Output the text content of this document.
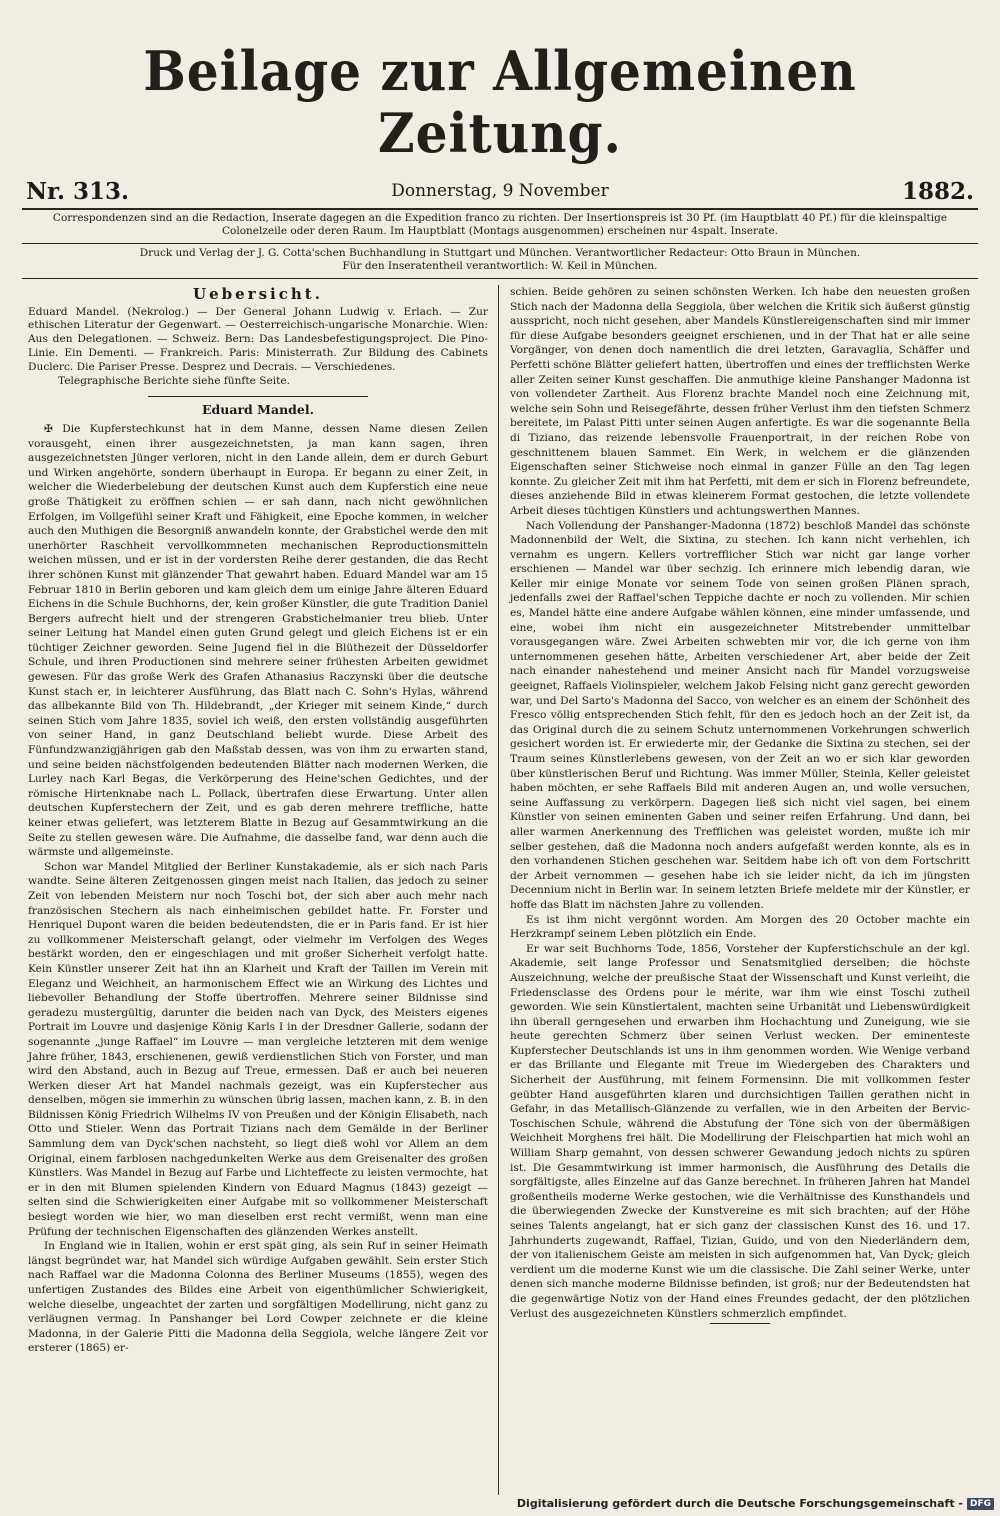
Beilage zur Allgemeinen Zeitung.
Nr. 313.	Donnerstag, 9 November	1882.
Correspondenzen sind an die Redaction, Inserate dagegen an die Expedition franco zu richten. Der Insertionspreis ist 30 Pf. (im Hauptblatt 40 Pf.) für die kleinspaltige Colonelzeile oder deren Raum. Im Hauptblatt (Montags ausgenommen) erscheinen nur 4spalt. Inserate.
Druck und Verlag der J. G. Cotta'schen Buchhandlung in Stuttgart und München. Verantwortlicher Redacteur: Otto Braun in München.
Für den Inseratentheil verantwortlich: W. Keil in München.
Uebersicht.
Eduard Mandel. (Nekrolog.) — Der General Johann Ludwig v. Erlach. — Zur ethischen Literatur der Gegenwart. — Oesterreichisch-ungarische Monarchie. Wien: Aus den Delegationen. — Schweiz. Bern: Das Landesbefestigungsproject. Die Pino-Linie. Ein Dementi. — Frankreich. Paris: Ministerrath. Zur Bildung des Cabinets Duclerc. Die Pariser Presse. Desprez und Decrais. — Verschiedenes.
Telegraphische Berichte siehe fünfte Seite.
Eduard Mandel.

✠ Die Kupferstechkunst hat in dem Manne, dessen Name diesen Zeilen vorausgeht, einen ihrer ausgezeichnetsten, ja man kann sagen, ihren ausgezeichnetsten Jünger verloren, nicht in den Lande allein, dem er durch Geburt und Wirken angehörte, sondern überhaupt in Europa. Er begann zu einer Zeit, in welcher die Wiederbelebung der deutschen Kunst auch dem Kupferstich eine neue große Thätigkeit zu eröffnen schien — er sah dann, nach nicht gewöhnlichen Erfolgen, im Vollgefühl seiner Kraft und Fähigkeit, eine Epoche kommen, in welcher auch den Muthigen die Besorgniß anwandeln konnte, der Grabstichel werde den mit unerhörter Raschheit vervollkommneten mechanischen Reproductionsmitteln weichen müssen, und er ist in der vordersten Reihe derer gestanden, die das Recht ihrer schönen Kunst mit glänzender That gewahrt haben. Eduard Mandel war am 15 Februar 1810 in Berlin geboren und kam gleich dem um einige Jahre älteren Eduard Eichens in die Schule Buchhorns, der, kein großer Künstler, die gute Tradition Daniel Bergers aufrecht hielt und der strengeren Grabstichelmanier treu blieb. Unter seiner Leitung hat Mandel einen guten Grund gelegt und gleich Eichens ist er ein tüchtiger Zeichner geworden. Seine Jugend fiel in die Blüthezeit der Düsseldorfer Schule, und ihren Productionen sind mehrere seiner frühesten Arbeiten gewidmet gewesen. Für das große Werk des Grafen Athanasius Raczynski über die deutsche Kunst stach er, in leichterer Ausführung, das Blatt nach C. Sohn's Hylas, während das allbekannte Bild von Th. Hildebrandt, „der Krieger mit seinem Kinde,“ durch seinen Stich vom Jahre 1835, soviel ich weiß, den ersten vollständig ausgeführten von seiner Hand, in ganz Deutschland beliebt wurde. Diese Arbeit des Fünfundzwanzigjährigen gab den Maßstab dessen, was von ihm zu erwarten stand, und seine beiden nächstfolgenden bedeutenden Blätter nach modernen Werken, die Lurley nach Karl Begas, die Verkörperung des Heine'schen Gedichtes, und der römische Hirtenknabe nach L. Pollack, übertrafen diese Erwartung. Unter allen deutschen Kupferstechern der Zeit, und es gab deren mehrere treffliche, hatte keiner etwas geliefert, was letzterem Blatte in Bezug auf Gesammtwirkung an die Seite zu stellen gewesen wäre. Die Aufnahme, die dasselbe fand, war denn auch die wärmste und allgemeinste.

Schon war Mandel Mitglied der Berliner Kunstakademie, als er sich nach Paris wandte. Seine älteren Zeitgenossen gingen meist nach Italien, das jedoch zu seiner Zeit von lebenden Meistern nur noch Toschi bot, der sich aber auch mehr nach französischen Stechern als nach einheimischen gebildet hatte. Fr. Forster und Henriquel Dupont waren die beiden bedeutendsten, die er in Paris fand. Er ist hier zu vollkommener Meisterschaft gelangt, oder vielmehr im Verfolgen des Weges bestärkt worden, den er eingeschlagen und mit großer Sicherheit verfolgt hatte. Kein Künstler unserer Zeit hat ihn an Klarheit und Kraft der Taillen im Verein mit Eleganz und Weichheit, an harmonischem Effect wie an Wirkung des Lichtes und liebevoller Behandlung der Stoffe übertroffen. Mehrere seiner Bildnisse sind geradezu mustergültig, darunter die beiden nach van Dyck, des Meisters eigenes Portrait im Louvre und dasjenige König Karls I in der Dresdner Gallerie, sodann der sogenannte „junge Raffael“ im Louvre — man vergleiche letzteren mit dem wenige Jahre früher, 1843, erschienenen, gewiß verdienstlichen Stich von Forster, und man wird den Abstand, auch in Bezug auf Treue, ermessen. Daß er auch bei neueren Werken dieser Art hat Mandel nachmals gezeigt, was ein Kupferstecher aus denselben, mögen sie immerhin zu wünschen übrig lassen, machen kann, z. B. in den Bildnissen König Friedrich Wilhelms IV von Preußen und der Königin Elisabeth, nach Otto und Stieler. Wenn das Portrait Tizians nach dem Gemälde in der Berliner Sammlung dem van Dyck'schen nachsteht, so liegt dieß wohl vor Allem an dem Original, einem farblosen nachgedunkelten Werke aus dem Greisenalter des großen Künstlers. Was Mandel in Bezug auf Farbe und Lichteffecte zu leisten vermochte, hat er in den mit Blumen spielenden Kindern von Eduard Magnus (1843) gezeigt — selten sind die Schwierigkeiten einer Aufgabe mit so vollkommener Meisterschaft besiegt worden wie hier, wo man dieselben erst recht vermißt, wenn man eine Prüfung der technischen Eigenschaften des glänzenden Werkes anstellt.

In England wie in Italien, wohin er erst spät ging, als sein Ruf in seiner Heimath längst begründet war, hat Mandel sich würdige Aufgaben gewählt. Sein erster Stich nach Raffael war die Madonna Colonna des Berliner Museums (1855), wegen des unfertigen Zustandes des Bildes eine Arbeit von eigenthümlicher Schwierigkeit, welche dieselbe, ungeachtet der zarten und sorgfältigen Modellirung, nicht ganz zu verläugnen vermag. In Panshanger bei Lord Cowper zeichnete er die kleine Madonna, in der Galerie Pitti die Madonna della Seggiola, welche längere Zeit vor ersterer (1865) er-

schien. Beide gehören zu seinen schönsten Werken. Ich habe den neuesten großen Stich nach der Madonna della Seggiola, über welchen die Kritik sich äußerst günstig ausspricht, noch nicht gesehen, aber Mandels Künstlereigenschaften sind mir immer für diese Aufgabe besonders geeignet erschienen, und in der That hat er alle seine Vorgänger, von denen doch namentlich die drei letzten, Garavaglia, Schäffer und Perfetti schöne Blätter geliefert hatten, übertroffen und eines der trefflichsten Werke aller Zeiten seiner Kunst geschaffen. Die anmuthige kleine Panshanger Madonna ist von vollendeter Zartheit. Aus Florenz brachte Mandel noch eine Zeichnung mit, welche sein Sohn und Reisegefährte, dessen früher Verlust ihm den tiefsten Schmerz bereitete, im Palast Pitti unter seinen Augen anfertigte. Es war die sogenannte Bella di Tiziano, das reizende lebensvolle Frauenportrait, in der reichen Robe von geschnittenem blauen Sammet. Ein Werk, in welchem er die glänzenden Eigenschaften seiner Stichweise noch einmal in ganzer Fülle an den Tag legen konnte. Zu gleicher Zeit mit ihm hat Perfetti, mit dem er sich in Florenz befreundete, dieses anziehende Bild in etwas kleinerem Format gestochen, die letzte vollendete Arbeit dieses tüchtigen Künstlers und achtungswerthen Mannes.

Nach Vollendung der Panshanger-Madonna (1872) beschloß Mandel das schönste Madonnenbild der Welt, die Sixtina, zu stechen. Ich kann nicht verhehlen, ich vernahm es ungern. Kellers vortrefflicher Stich war nicht gar lange vorher erschienen — Mandel war über sechzig. Ich erinnere mich lebendig daran, wie Keller mir einige Monate vor seinem Tode von seinen großen Plänen sprach, jedenfalls zwei der Raffael'schen Teppiche dachte er noch zu vollenden. Mir schien es, Mandel hätte eine andere Aufgabe wählen können, eine minder umfassende, und eine, wobei ihm nicht ein ausgezeichneter Mitstrebender unmittelbar vorausgegangen wäre. Zwei Arbeiten schwebten mir vor, die ich gerne von ihm unternommenen gesehen hätte, Arbeiten verschiedener Art, aber beide der Zeit nach einander nahestehend und meiner Ansicht nach für Mandel vorzugsweise geeignet, Raffaels Violinspieler, welchem Jakob Felsing nicht ganz gerecht geworden war, und Del Sarto's Madonna del Sacco, von welcher es an einem der Schönheit des Fresco völlig entsprechenden Stich fehlt, für den es jedoch hoch an der Zeit ist, da das Original durch die zu seinem Schutz unternommenen Vorkehrungen schwerlich gesichert worden ist. Er erwiederte mir, der Gedanke die Sixtina zu stechen, sei der Traum seines Künstlerlebens gewesen, von der Zeit an wo er sich klar geworden über künstlerischen Beruf und Richtung. Was immer Müller, Steinla, Keller geleistet haben möchten, er sehe Raffaels Bild mit anderen Augen an, und wolle versuchen, seine Auffassung zu verkörpern. Dagegen ließ sich nicht viel sagen, bei einem Künstler von seinen eminenten Gaben und seiner reifen Erfahrung. Und dann, bei aller warmen Anerkennung des Trefflichen was geleistet worden, mußte ich mir selber gestehen, daß die Madonna noch anders aufgefaßt werden konnte, als es in den vorhandenen Stichen geschehen war. Seitdem habe ich oft von dem Fortschritt der Arbeit vernommen — gesehen habe ich sie leider nicht, da ich im jüngsten Decennium nicht in Berlin war. In seinem letzten Briefe meldete mir der Künstler, er hoffe das Blatt im nächsten Jahre zu vollenden.

Es ist ihm nicht vergönnt worden. Am Morgen des 20 October machte ein Herzkrampf seinem Leben plötzlich ein Ende.

Er war seit Buchhorns Tode, 1856, Vorsteher der Kupferstichschule an der kgl. Akademie, seit lange Professor und Senatsmitglied derselben; die höchste Auszeichnung, welche der preußische Staat der Wissenschaft und Kunst verleiht, die Friedensclasse des Ordens pour le mérite, war ihm wie einst Toschi zutheil geworden. Wie sein Künstlertalent, machten seine Urbanität und Liebenswürdigkeit ihn überall gerngesehen und erwarben ihm Hochachtung und Zuneigung, wie sie heute gerechten Schmerz über seinen Verlust wecken. Der eminenteste Kupferstecher Deutschlands ist uns in ihm genommen worden. Wie Wenige verband er das Brillante und Elegante mit Treue im Wiedergeben des Charakters und Sicherheit der Ausführung, mit feinem Formensinn. Die mit vollkommen fester geübter Hand ausgeführten klaren und durchsichtigen Taillen gerathen nicht in Gefahr, in das Metallisch-Glänzende zu verfallen, wie in den Arbeiten der Bervic-Toschischen Schule, während die Abstufung der Töne sich von der übermäßigen Weichheit Morghens frei hält. Die Modellirung der Fleischpartien hat mich wohl an William Sharp gemahnt, von dessen schwerer Gewandung jedoch nichts zu spüren ist. Die Gesammtwirkung ist immer harmonisch, die Ausführung des Details die sorgfältigste, alles Einzelne auf das Ganze berechnet. In früheren Jahren hat Mandel großentheils moderne Werke gestochen, wie die Verhältnisse des Kunsthandels und die überwiegenden Zwecke der Kunstvereine es mit sich brachten; auf der Höhe seines Talents angelangt, hat er sich ganz der classischen Kunst des 16. und 17. Jahrhunderts zugewandt, Raffael, Tizian, Guido, und von den Niederländern dem, der von italienischem Geiste am meisten in sich aufgenommen hat, Van Dyck; gleich verdient um die moderne Kunst wie um die classische. Die Zahl seiner Werke, unter denen sich manche moderne Bildnisse befinden, ist groß; nur der Bedeutendsten hat die gegenwärtige Notiz von der Hand eines Freundes gedacht, der den plötzlichen Verlust des ausgezeichneten Künstlers schmerzlich empfindet.

Digitalisierung gefördert durch die Deutsche Forschungsgemeinschaft - DFG
